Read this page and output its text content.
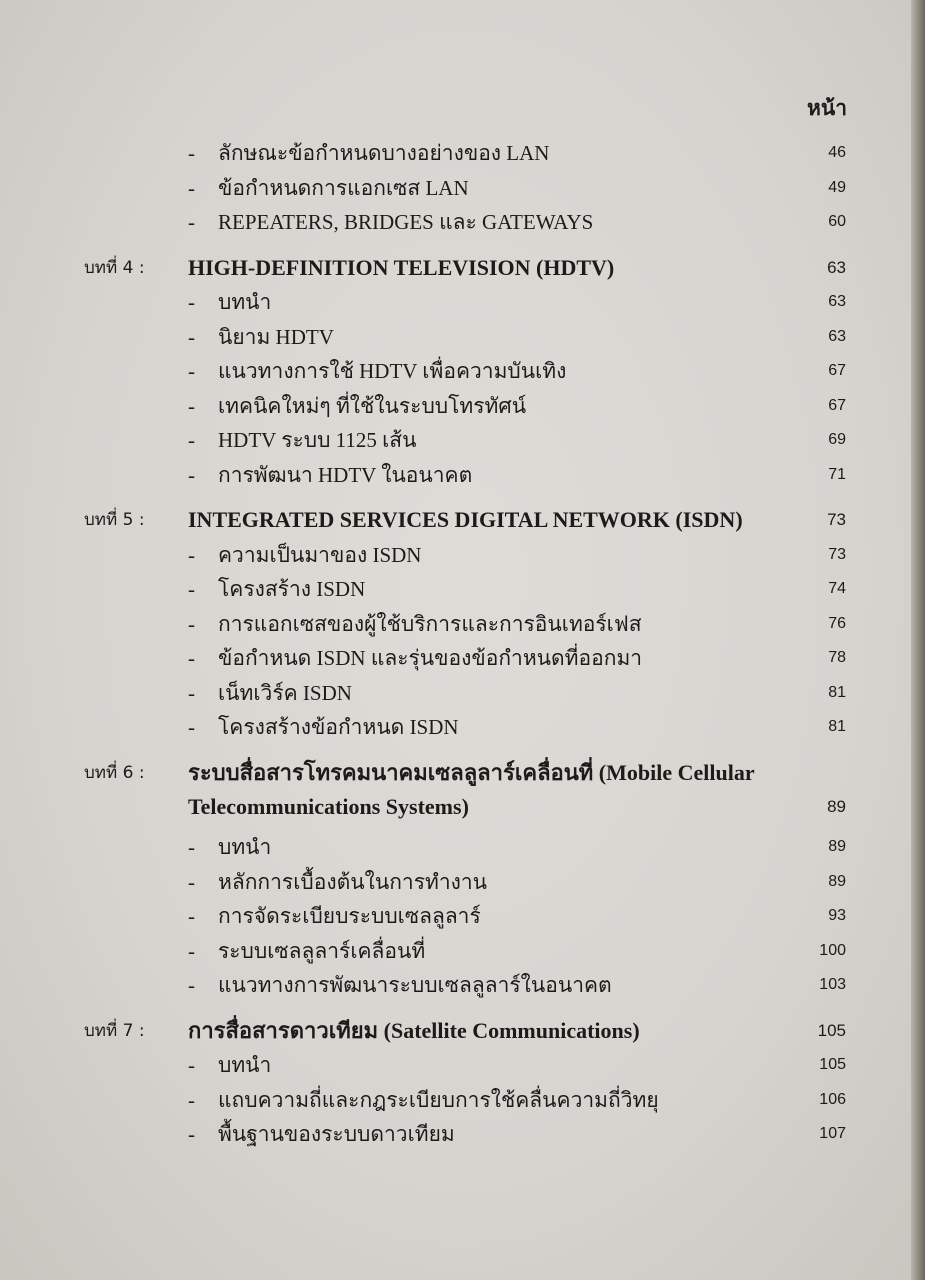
หน้า
- ลักษณะข้อกำหนดบางอย่างของ LAN	46
- ข้อกำหนดการแอกเซส LAN	49
- REPEATERS, BRIDGES และ GATEWAYS	60
บทที่ 4 : HIGH-DEFINITION TELEVISION (HDTV)	63
- บทนำ	63
- นิยาม HDTV	63
- แนวทางการใช้ HDTV เพื่อความบันเทิง	67
- เทคนิคใหม่ๆ ที่ใช้ในระบบโทรทัศน์	67
- HDTV ระบบ 1125 เส้น	69
- การพัฒนา HDTV ในอนาคต	71
บทที่ 5 : INTEGRATED SERVICES DIGITAL NETWORK (ISDN)	73
- ความเป็นมาของ ISDN	73
- โครงสร้าง ISDN	74
- การแอกเซสของผู้ใช้บริการและการอินเทอร์เฟส	76
- ข้อกำหนด ISDN และรุ่นของข้อกำหนดที่ออกมา	78
- เน็ทเวิร์ค ISDN	81
- โครงสร้างข้อกำหนด ISDN	81
บทที่ 6 : ระบบสื่อสารโทรคมนาคมเซลลูลาร์เคลื่อนที่ (Mobile Cellular
Telecommunications Systems)	89
- บทนำ	89
- หลักการเบื้องต้นในการทำงาน	89
- การจัดระเบียบระบบเซลลูลาร์	93
- ระบบเซลลูลาร์เคลื่อนที่	100
- แนวทางการพัฒนาระบบเซลลูลาร์ในอนาคต	103
บทที่ 7 : การสื่อสารดาวเทียม (Satellite Communications)	105
- บทนำ	105
- แถบความถี่และกฎระเบียบการใช้คลื่นความถี่วิทยุ	106
- พื้นฐานของระบบดาวเทียม	107
